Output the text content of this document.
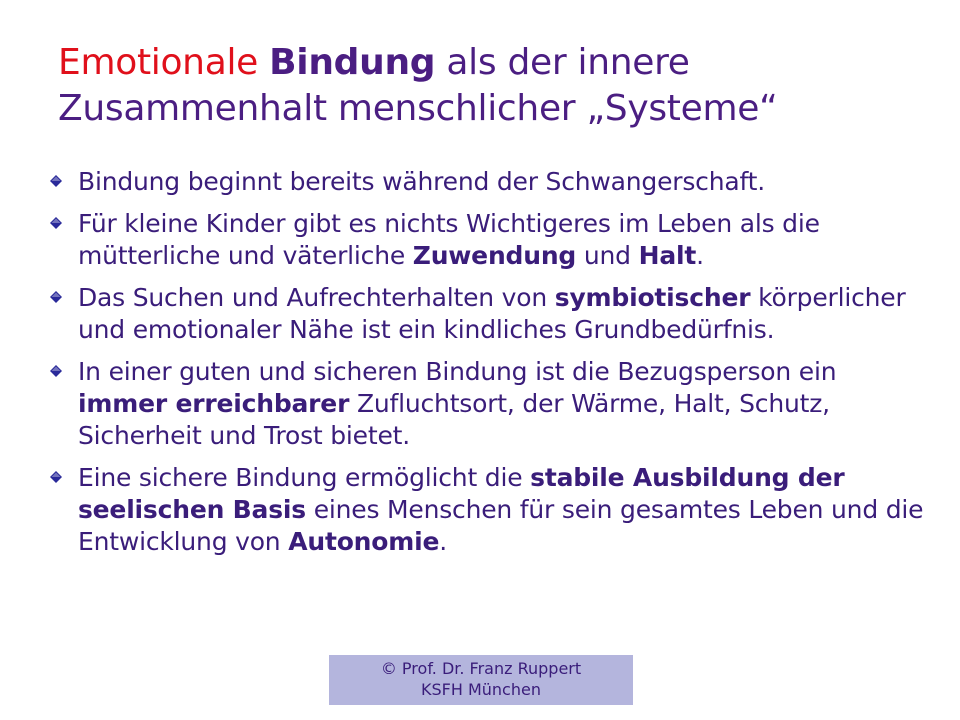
Emotionale Bindung als der innere
Zusammenhalt menschlicher „Systeme“
Bindung beginnt bereits während der Schwangerschaft.
Für kleine Kinder gibt es nichts Wichtigeres im Leben als die mütterliche und väterliche Zuwendung und Halt.
Das Suchen und Aufrechterhalten von symbiotischer körperlicher und emotionaler Nähe ist ein kindliches Grundbedürfnis.
In einer guten und sicheren Bindung ist die Bezugsperson ein immer erreichbarer Zufluchtsort, der Wärme, Halt, Schutz, Sicherheit und Trost bietet.
Eine sichere Bindung ermöglicht die stabile Ausbildung der seelischen Basis eines Menschen für sein gesamtes Leben und die Entwicklung von Autonomie.
© Prof. Dr. Franz Ruppert
KSFH München
